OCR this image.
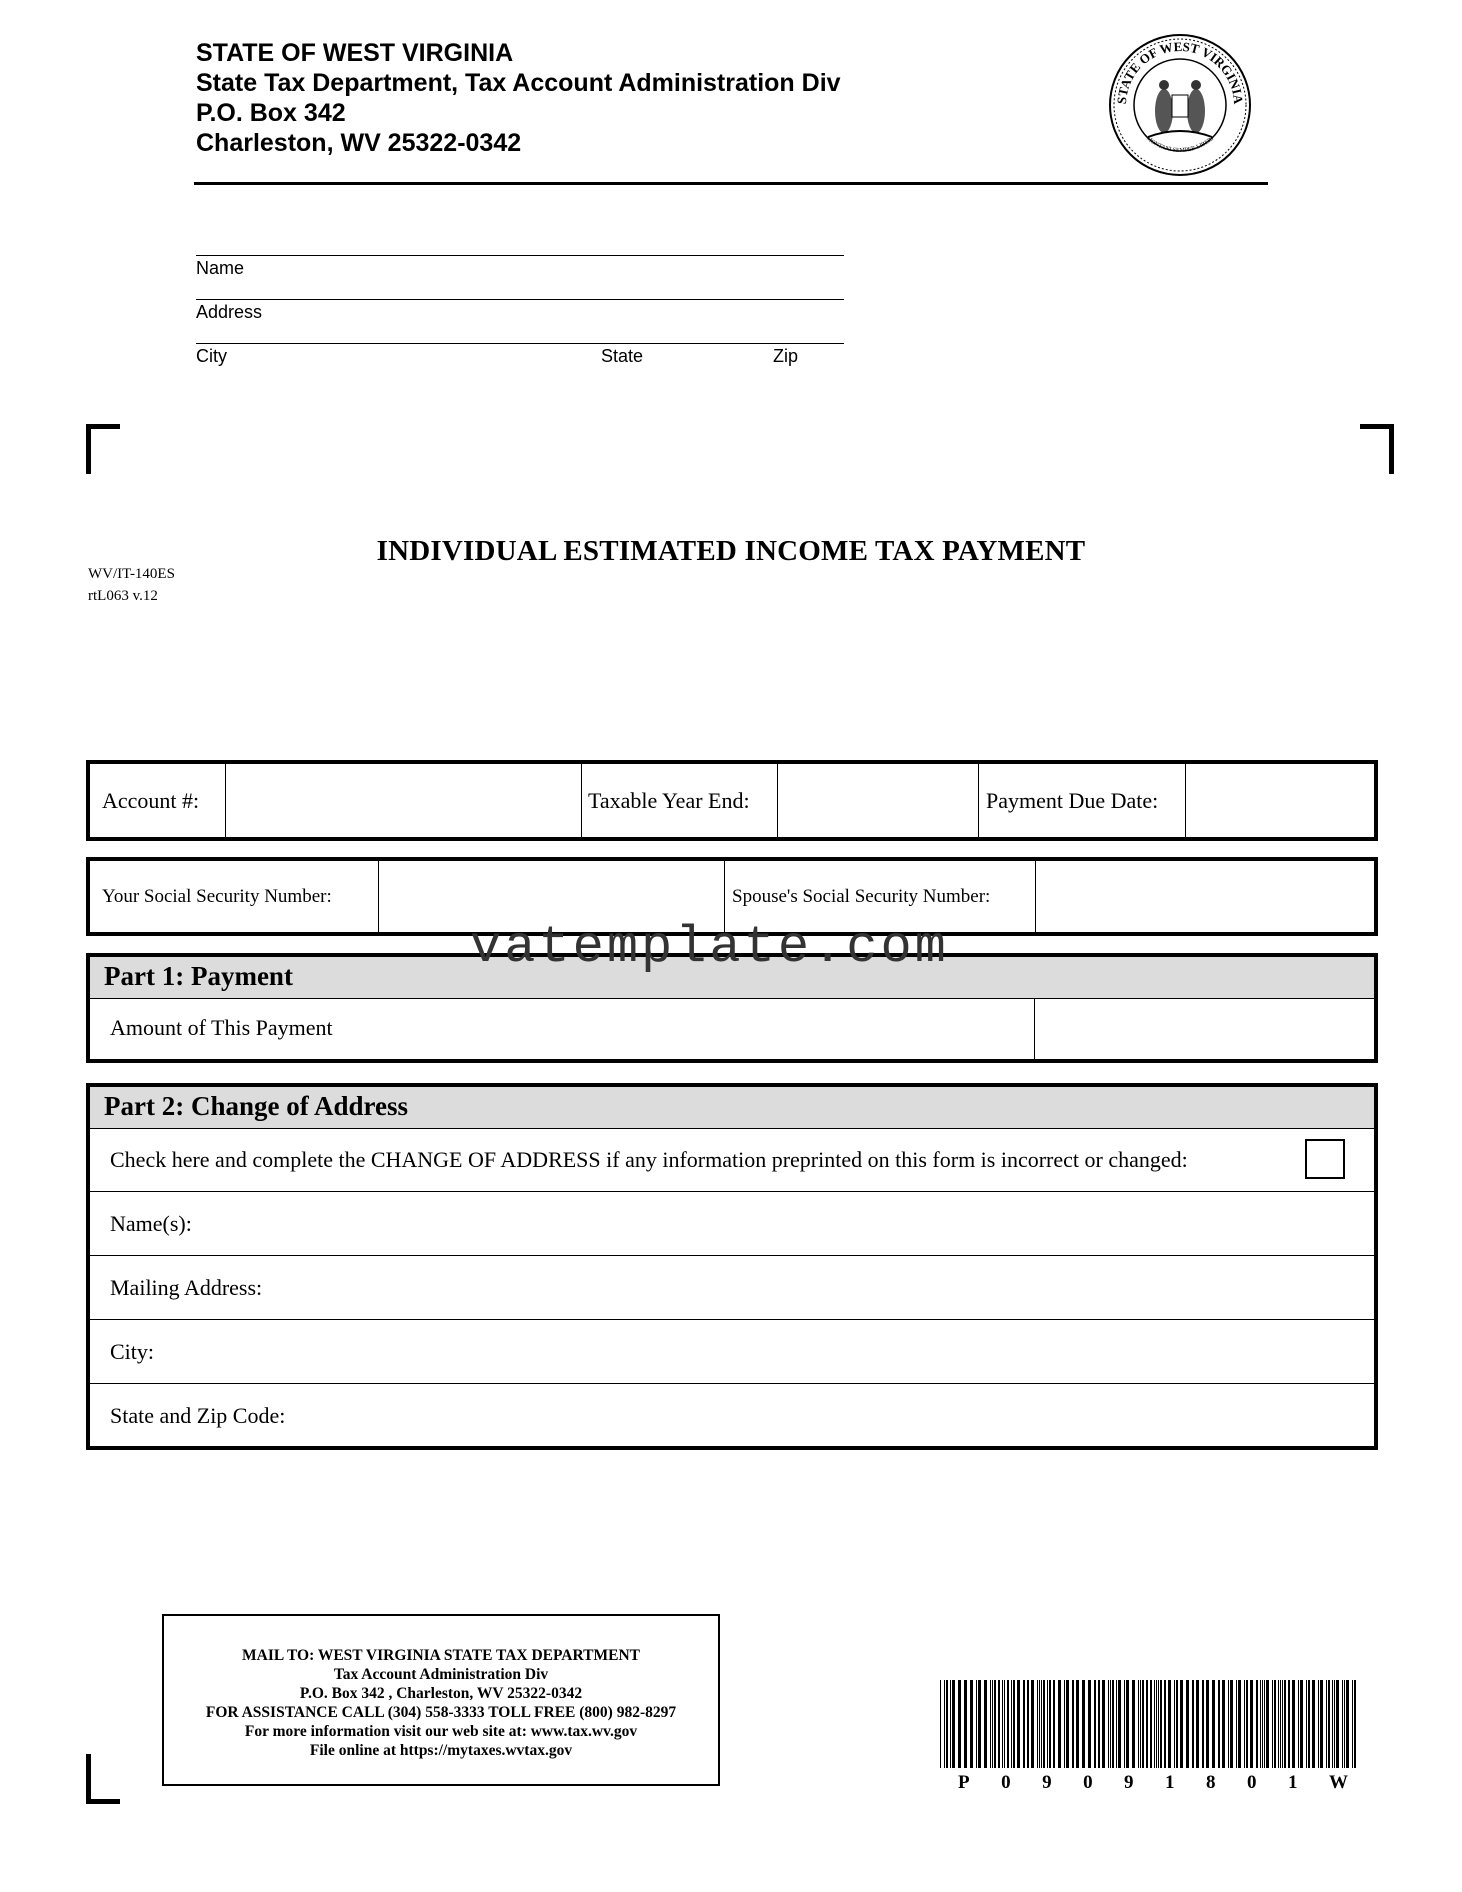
STATE OF WEST VIRGINIA
State Tax Department, Tax Account Administration Div
P.O. Box 342
Charleston, WV 25322-0342
STATE OF WEST VIRGINIA
MONTANI SEMPER LIBERI
Name
Address
City	State	Zip
INDIVIDUAL ESTIMATED INCOME TAX PAYMENT
WV/IT-140ES
rtL063 v.12
Account #:	Taxable Year End:	Payment Due Date:
Your Social Security Number:	Spouse's Social Security Number:
Part 1: Payment
Amount of This Payment
vatemplate.com
Part 2: Change of Address
Check here and complete the CHANGE OF ADDRESS if any information preprinted on this form is incorrect or changed:
Name(s):
Mailing Address:
City:
State and Zip Code:
MAIL TO: WEST VIRGINIA STATE TAX DEPARTMENT
Tax Account Administration Div
P.O. Box 342 , Charleston, WV 25322-0342
FOR ASSISTANCE CALL (304) 558-3333 TOLL FREE (800) 982-8297
For more information visit our web site at: www.tax.wv.gov
File online at https://mytaxes.wvtax.gov
P 0 9 0 9 1 8 0 1 W
